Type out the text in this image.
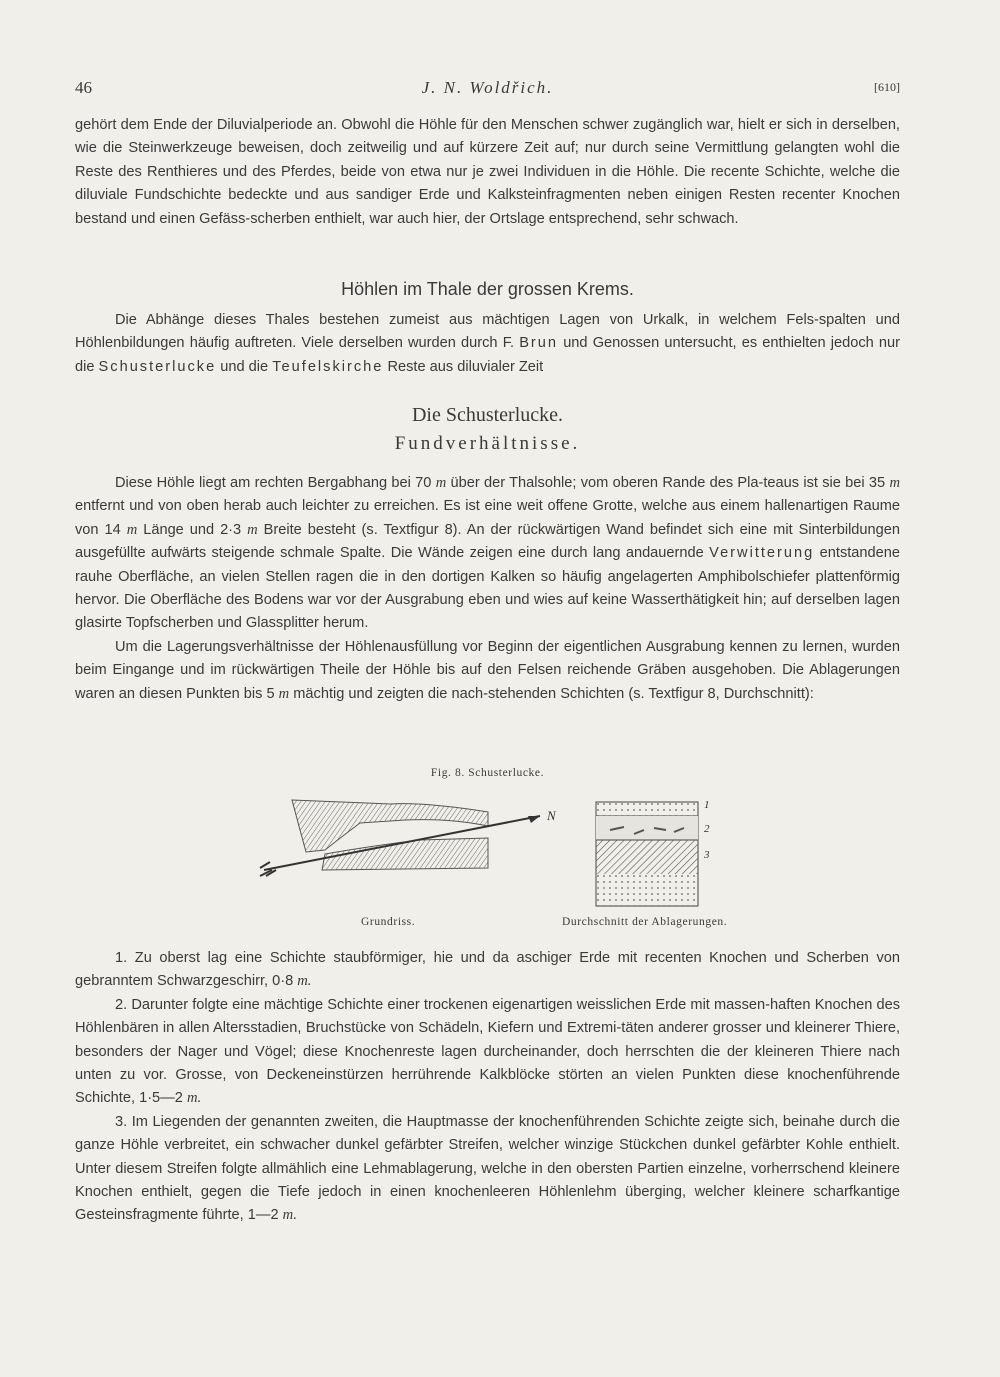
46	J. N. Woldřich.	[610]

gehört dem Ende der Diluvialperiode an. Obwohl die Höhle für den Menschen schwer zugänglich war, hielt er sich in derselben, wie die Steinwerkzeuge beweisen, doch zeitweilig und auf kürzere Zeit auf; nur durch seine Vermittlung gelangten wohl die Reste des Renthieres und des Pferdes, beide von etwa nur je zwei Individuen in die Höhle. Die recente Schichte, welche die diluviale Fundschichte bedeckte und aus sandiger Erde und Kalksteinfragmenten neben einigen Resten recenter Knochen bestand und einen Gefäss-scherben enthielt, war auch hier, der Ortslage entsprechend, sehr schwach.

Höhlen im Thale der grossen Krems.

Die Abhänge dieses Thales bestehen zumeist aus mächtigen Lagen von Urkalk, in welchem Fels-spalten und Höhlenbildungen häufig auftreten. Viele derselben wurden durch F. Brun und Genossen untersucht, es enthielten jedoch nur die Schusterlucke und die Teufelskirche Reste aus diluvialer Zeit

Die Schusterlucke.
Fundverhältnisse.

Diese Höhle liegt am rechten Bergabhang bei 70 m über der Thalsohle; vom oberen Rande des Pla-teaus ist sie bei 35 m entfernt und von oben herab auch leichter zu erreichen. Es ist eine weit offene Grotte, welche aus einem hallenartigen Raume von 14 m Länge und 2·3 m Breite besteht (s. Textfigur 8). An der rückwärtigen Wand befindet sich eine mit Sinterbildungen ausgefüllte aufwärts steigende schmale Spalte. Die Wände zeigen eine durch lang andauernde Verwitterung entstandene rauhe Oberfläche, an vielen Stellen ragen die in den dortigen Kalken so häufig angelagerten Amphibolschiefer plattenförmig hervor. Die Oberfläche des Bodens war vor der Ausgrabung eben und wies auf keine Wasserthätigkeit hin; auf derselben lagen glasirte Topfscherben und Glassplitter herum.

Um die Lagerungsverhältnisse der Höhlenausfüllung vor Beginn der eigentlichen Ausgrabung kennen zu lernen, wurden beim Eingange und im rückwärtigen Theile der Höhle bis auf den Felsen reichende Gräben ausgehoben. Die Ablagerungen waren an diesen Punkten bis 5 m mächtig und zeigten die nach-stehenden Schichten (s. Textfigur 8, Durchschnitt):

Fig. 8. Schusterlucke.
N
1
2
3
Grundriss.	Durchschnitt der Ablagerungen.

1. Zu oberst lag eine Schichte staubförmiger, hie und da aschiger Erde mit recenten Knochen und Scherben von gebranntem Schwarzgeschirr, 0·8 m.

2. Darunter folgte eine mächtige Schichte einer trockenen eigenartigen weisslichen Erde mit massen-haften Knochen des Höhlenbären in allen Altersstadien, Bruchstücke von Schädeln, Kiefern und Extremi-täten anderer grosser und kleinerer Thiere, besonders der Nager und Vögel; diese Knochenreste lagen durcheinander, doch herrschten die der kleineren Thiere nach unten zu vor. Grosse, von Deckeneinstürzen herrührende Kalkblöcke störten an vielen Punkten diese knochenführende Schichte, 1·5—2 m.

3. Im Liegenden der genannten zweiten, die Hauptmasse der knochenführenden Schichte zeigte sich, beinahe durch die ganze Höhle verbreitet, ein schwacher dunkel gefärbter Streifen, welcher winzige Stückchen dunkel gefärbter Kohle enthielt. Unter diesem Streifen folgte allmählich eine Lehmablagerung, welche in den obersten Partien einzelne, vorherrschend kleinere Knochen enthielt, gegen die Tiefe jedoch in einen knochenleeren Höhlenlehm überging, welcher kleinere scharfkantige Gesteinsfragmente führte, 1—2 m.
